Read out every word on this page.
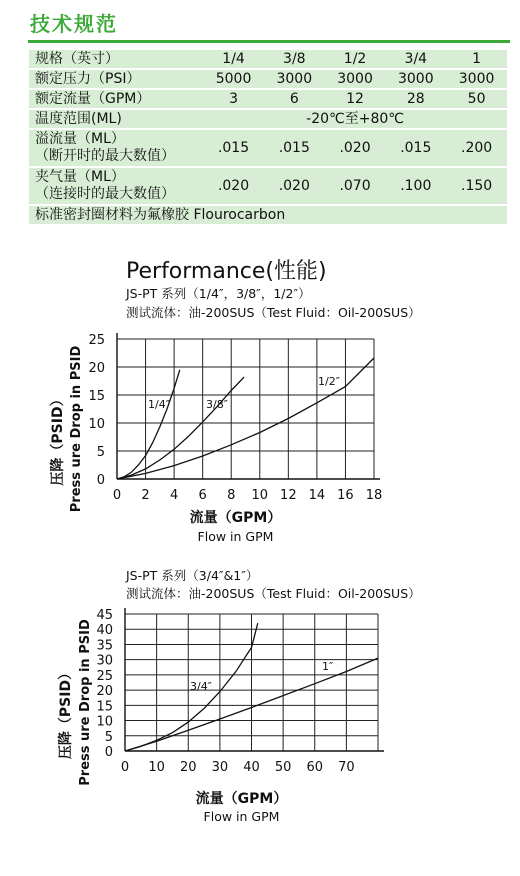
技术规范
规格（英寸）	1/4	3/8	1/2	3/4	1
额定压力（PSI）	5000	3000	3000	3000	3000
额定流量（GPM）	3	6	12	28	50
温度范围(ML)	-20℃至+80℃				
溢流量（ML）
（断开时的最大数值）	.015	.015	.020	.015	.200
夹气量（ML）
（连接时的最大数值）	.020	.020	.070	.100	.150
标准密封圈材料为氟橡胶 Flourocarbon					
Performance(性能)
JS-PT 系列（1/4″，3/8″，1/2″）
测试流体：油-200SUS（Test Fluid：Oil-200SUS）
JS-PT 系列（3/4″&1″）
测试流体：油-200SUS（Test Fluid：Oil-200SUS）
0 2 4 6 8 10 12 14 16 18
0
5
10
15
20
25
1/4″	3/8″
1/2″
流量（GPM）
Flow in GPM
Press ure Drop in PSID
压降（PSID）
0 10 20 30 40 50 60 70
0
5
10
15
20
25
30
35
40
45
3/4″
1″
流量（GPM）
Flow in GPM
Press ure Drop in PSID
压降（PSID）
